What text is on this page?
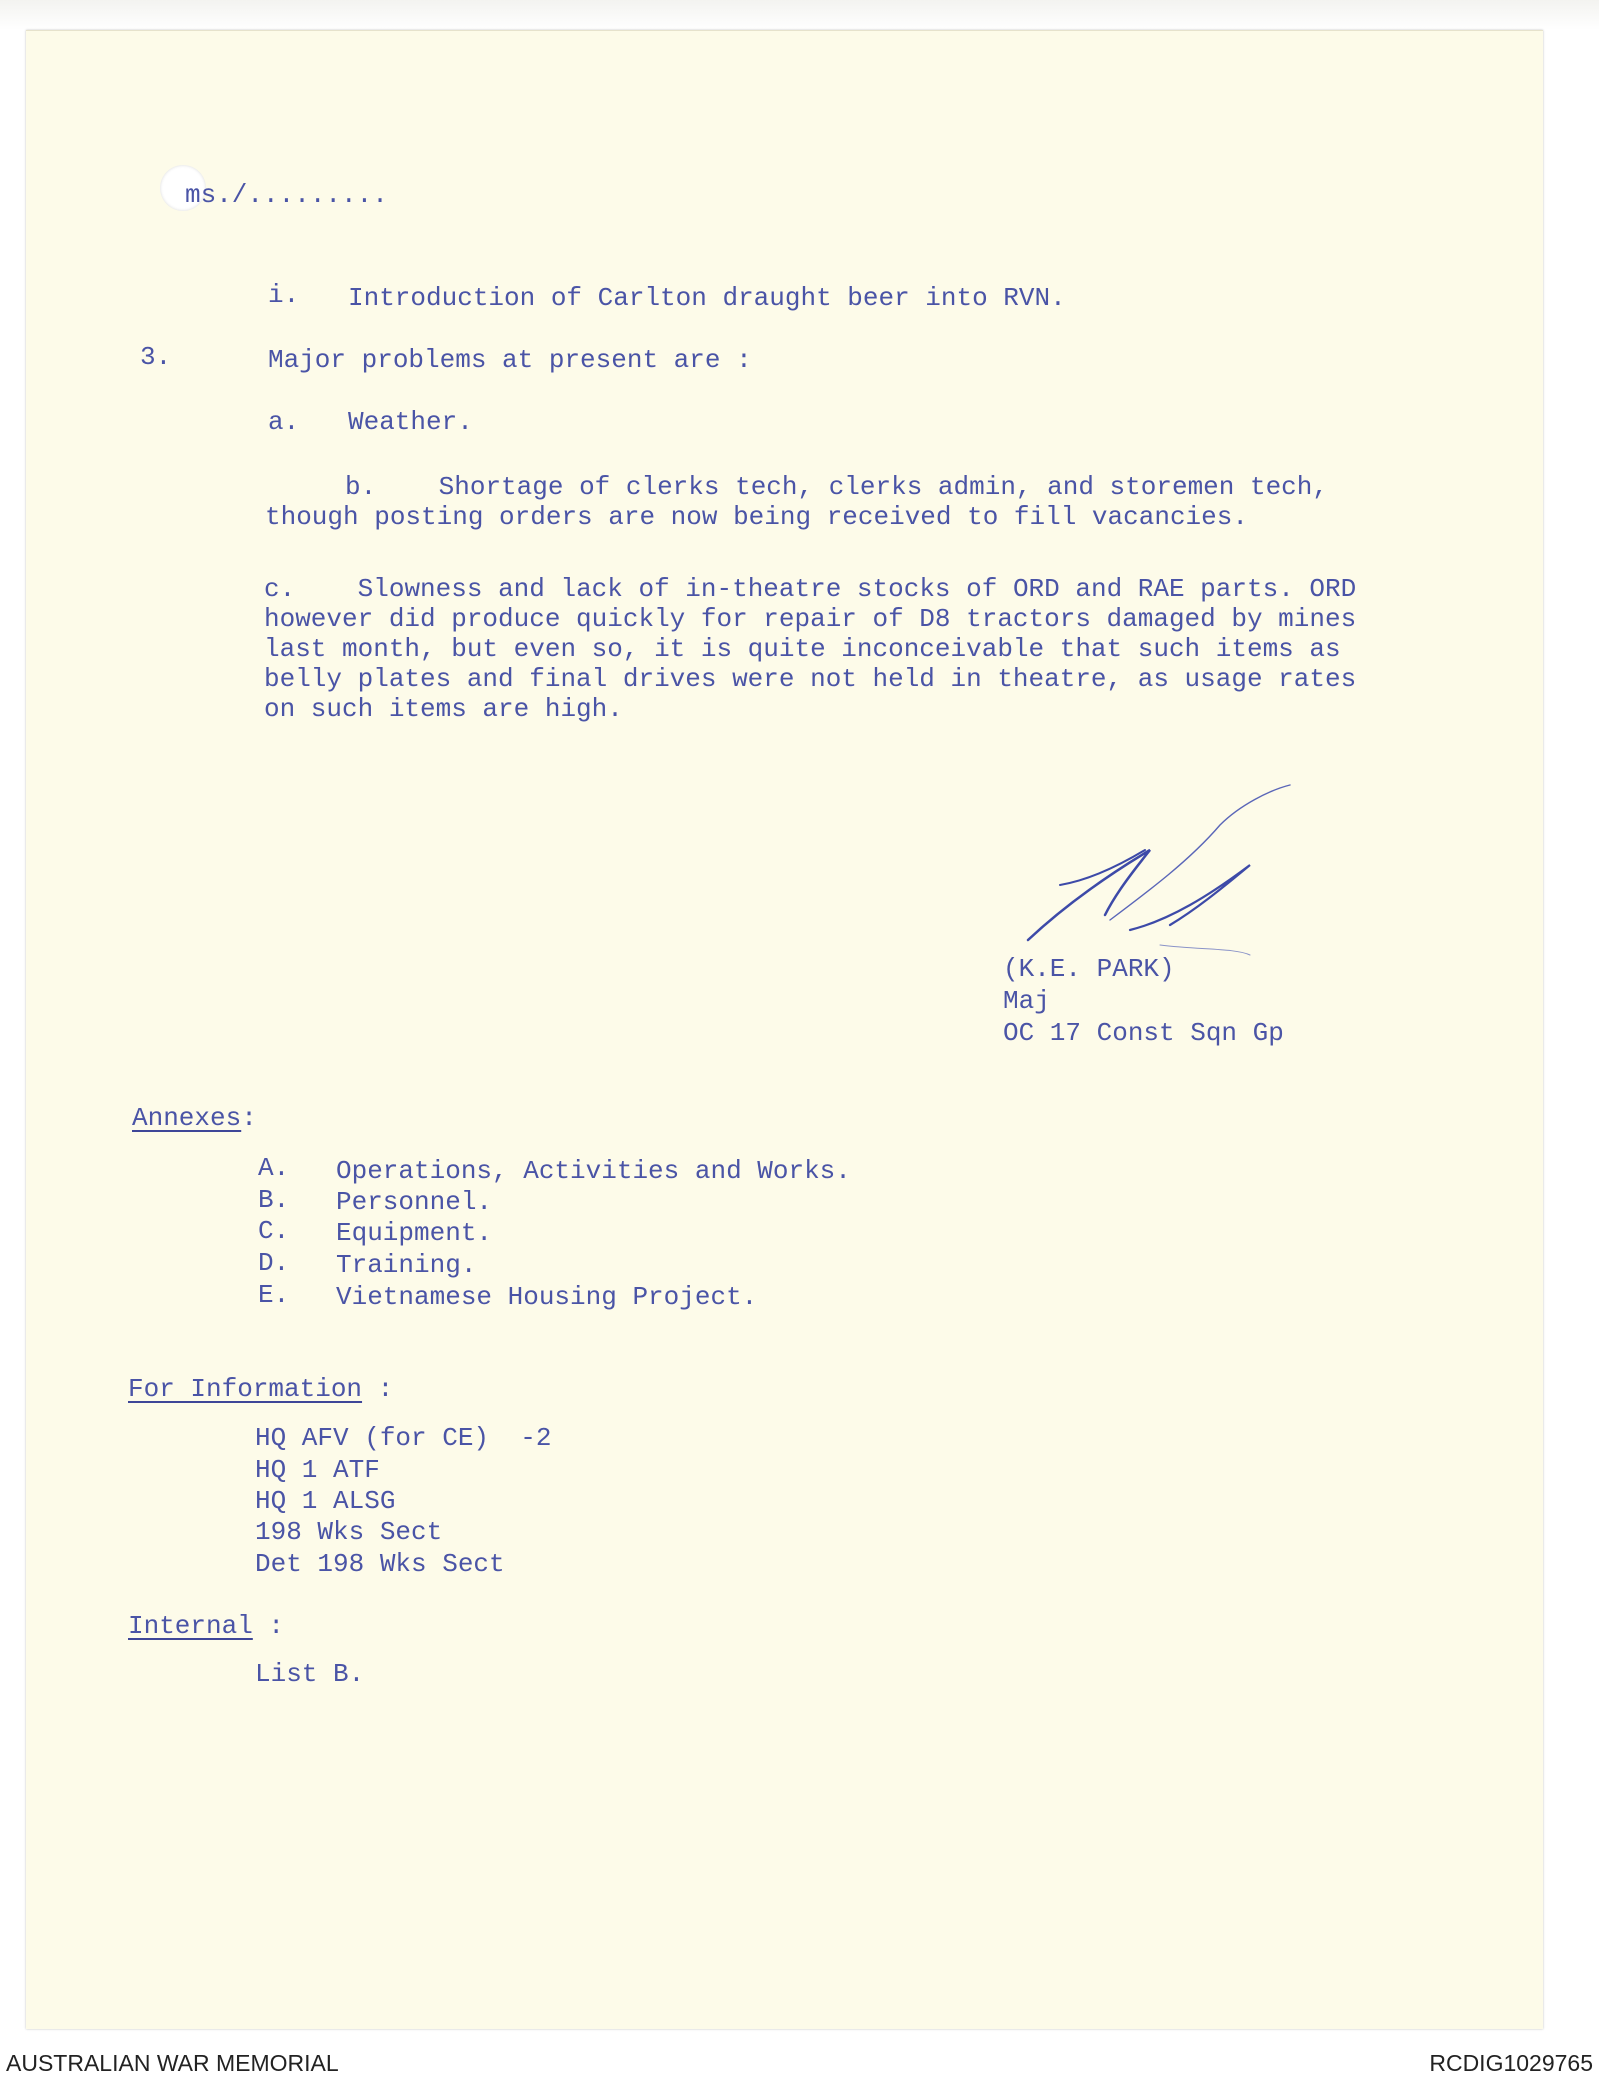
ms./.........
i. Introduction of Carlton draught beer into RVN.
3.	Major problems at present are :
a. Weather.
b. Shortage of clerks tech, clerks admin, and storemen tech, though posting orders are now being received to fill vacancies.
c. Slowness and lack of in-theatre stocks of ORD and RAE parts. ORD however did produce quickly for repair of D8 tractors damaged by mines last month, but even so, it is quite inconceivable that such items as belly plates and final drives were not held in theatre, as usage rates on such items are high.
(K.E. PARK)
Maj
OC 17 Const Sqn Gp
Annexes:
A. Operations, Activities and Works.
B. Personnel.
C. Equipment.
D. Training.
E. Vietnamese Housing Project.
For Information :
HQ AFV (for CE)  -2
HQ 1 ATF
HQ 1 ALSG
198 Wks Sect
Det 198 Wks Sect
Internal :
List B.
AUSTRALIAN WAR MEMORIAL	RCDIG1029765
